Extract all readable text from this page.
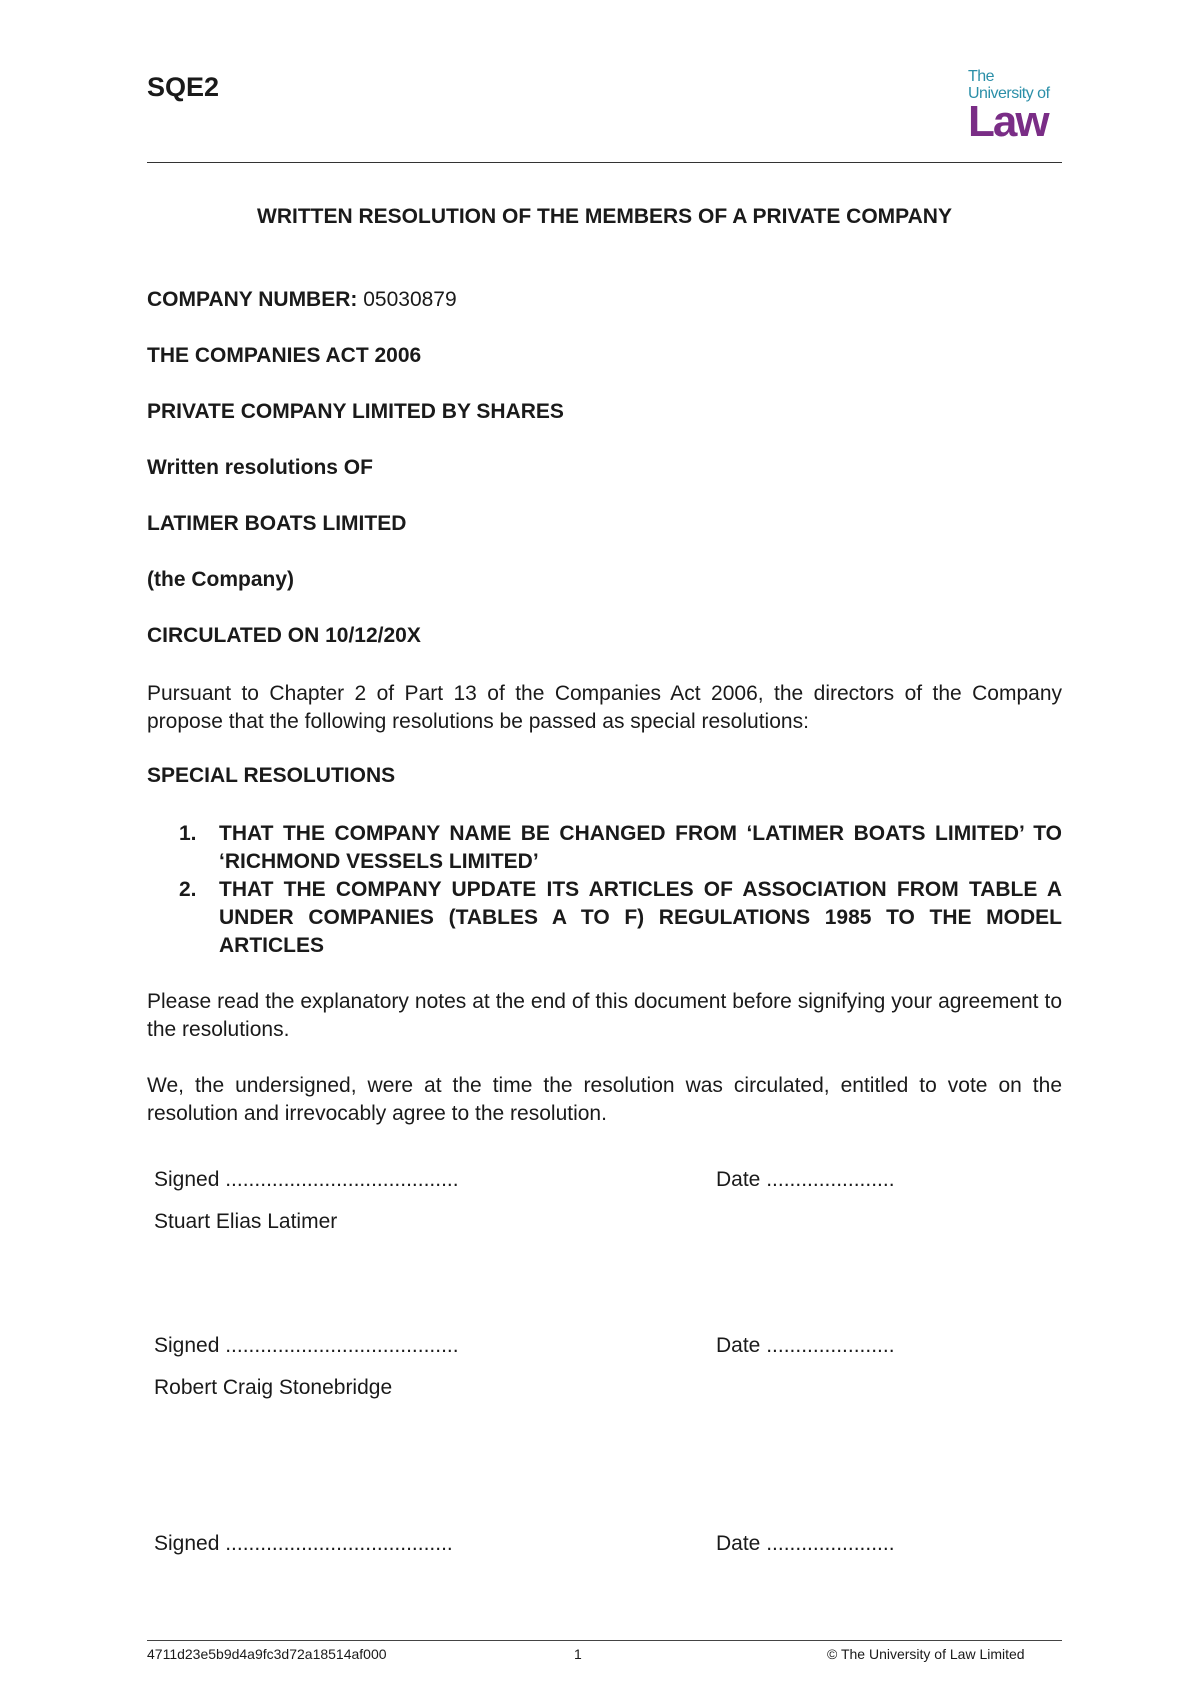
SQE2	The
University of
Law
WRITTEN RESOLUTION OF THE MEMBERS OF A PRIVATE COMPANY
COMPANY NUMBER: 05030879
THE COMPANIES ACT 2006
PRIVATE COMPANY LIMITED BY SHARES
Written resolutions OF
LATIMER BOATS LIMITED
(the Company)
CIRCULATED ON 10/12/20X
Pursuant to Chapter 2 of Part 13 of the Companies Act 2006, the directors of the Company propose that the following resolutions be passed as special resolutions:
SPECIAL RESOLUTIONS
1. THAT THE COMPANY NAME BE CHANGED FROM ‘LATIMER BOATS LIMITED’ TO ‘RICHMOND VESSELS LIMITED’
2. THAT THE COMPANY UPDATE ITS ARTICLES OF ASSOCIATION FROM TABLE A UNDER COMPANIES (TABLES A TO F) REGULATIONS 1985 TO THE MODEL ARTICLES
Please read the explanatory notes at the end of this document before signifying your agreement to the resolutions.
We, the undersigned, were at the time the resolution was circulated, entitled to vote on the resolution and irrevocably agree to the resolution.
Signed ........................................	Date ......................
Stuart Elias Latimer
Signed ........................................	Date ......................
Robert Craig Stonebridge
Signed .......................................	Date ......................
4711d23e5b9d4a9fc3d72a18514af000	1	© The University of Law Limited
